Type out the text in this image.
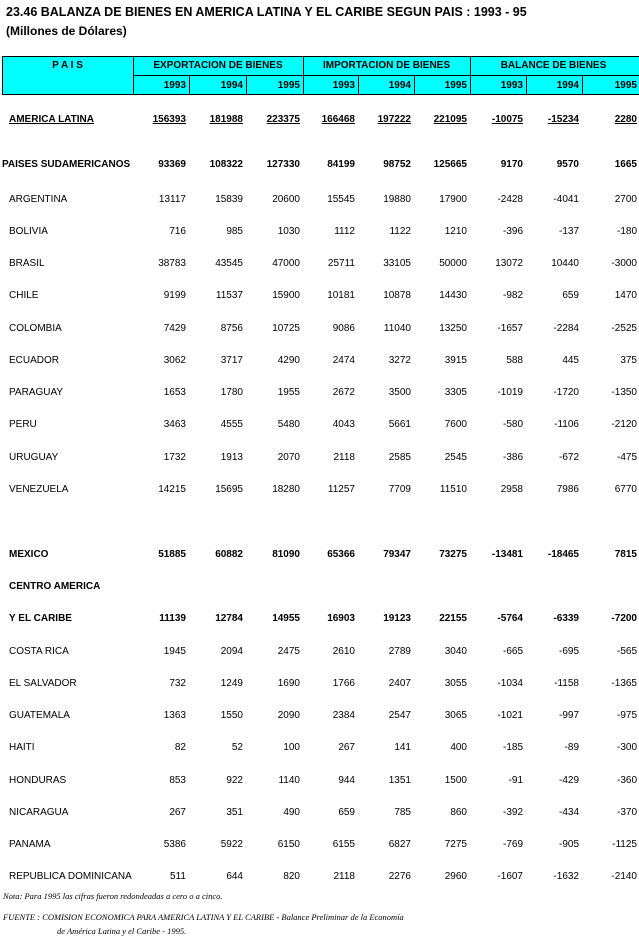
23.46 BALANZA DE BIENES EN AMERICA LATINA Y EL CARIBE SEGUN PAIS : 1993 - 95
(Millones de Dólares)
P A I S	EXPORTACION DE BIENES	IMPORTACION DE BIENES	BALANCE DE BIENES
1993	1994	1995	1993	1994	1995	1993	1994	1995
AMERICA LATINA	156393	181988	223375	166468	197222	221095	-10075	-15234	2280
PAISES SUDAMERICANOS	93369	108322	127330	84199	98752	125665	9170	9570	1665
ARGENTINA	13117	15839	20600	15545	19880	17900	-2428	-4041	2700
BOLIVIA	716	985	1030	1112	1122	1210	-396	-137	-180
BRASIL	38783	43545	47000	25711	33105	50000	13072	10440	-3000
CHILE	9199	11537	15900	10181	10878	14430	-982	659	1470
COLOMBIA	7429	8756	10725	9086	11040	13250	-1657	-2284	-2525
ECUADOR	3062	3717	4290	2474	3272	3915	588	445	375
PARAGUAY	1653	1780	1955	2672	3500	3305	-1019	-1720	-1350
PERU	3463	4555	5480	4043	5661	7600	-580	-1106	-2120
URUGUAY	1732	1913	2070	2118	2585	2545	-386	-672	-475
VENEZUELA	14215	15695	18280	11257	7709	11510	2958	7986	6770
MEXICO	51885	60882	81090	65366	79347	73275	-13481	-18465	7815
CENTRO AMERICA
Y EL CARIBE	11139	12784	14955	16903	19123	22155	-5764	-6339	-7200
COSTA RICA	1945	2094	2475	2610	2789	3040	-665	-695	-565
EL SALVADOR	732	1249	1690	1766	2407	3055	-1034	-1158	-1365
GUATEMALA	1363	1550	2090	2384	2547	3065	-1021	-997	-975
HAITI	82	52	100	267	141	400	-185	-89	-300
HONDURAS	853	922	1140	944	1351	1500	-91	-429	-360
NICARAGUA	267	351	490	659	785	860	-392	-434	-370
PANAMA	5386	5922	6150	6155	6827	7275	-769	-905	-1125
REPUBLICA DOMINICANA	511	644	820	2118	2276	2960	-1607	-1632	-2140
Nota: Para 1995 las cifras fueron redondeadas a cero o a cinco.
FUENTE : COMISION ECONOMICA PARA AMERICA LATINA Y EL CARIBE - Balance Preliminar de la Economía
de América Latina y el Caribe - 1995.
